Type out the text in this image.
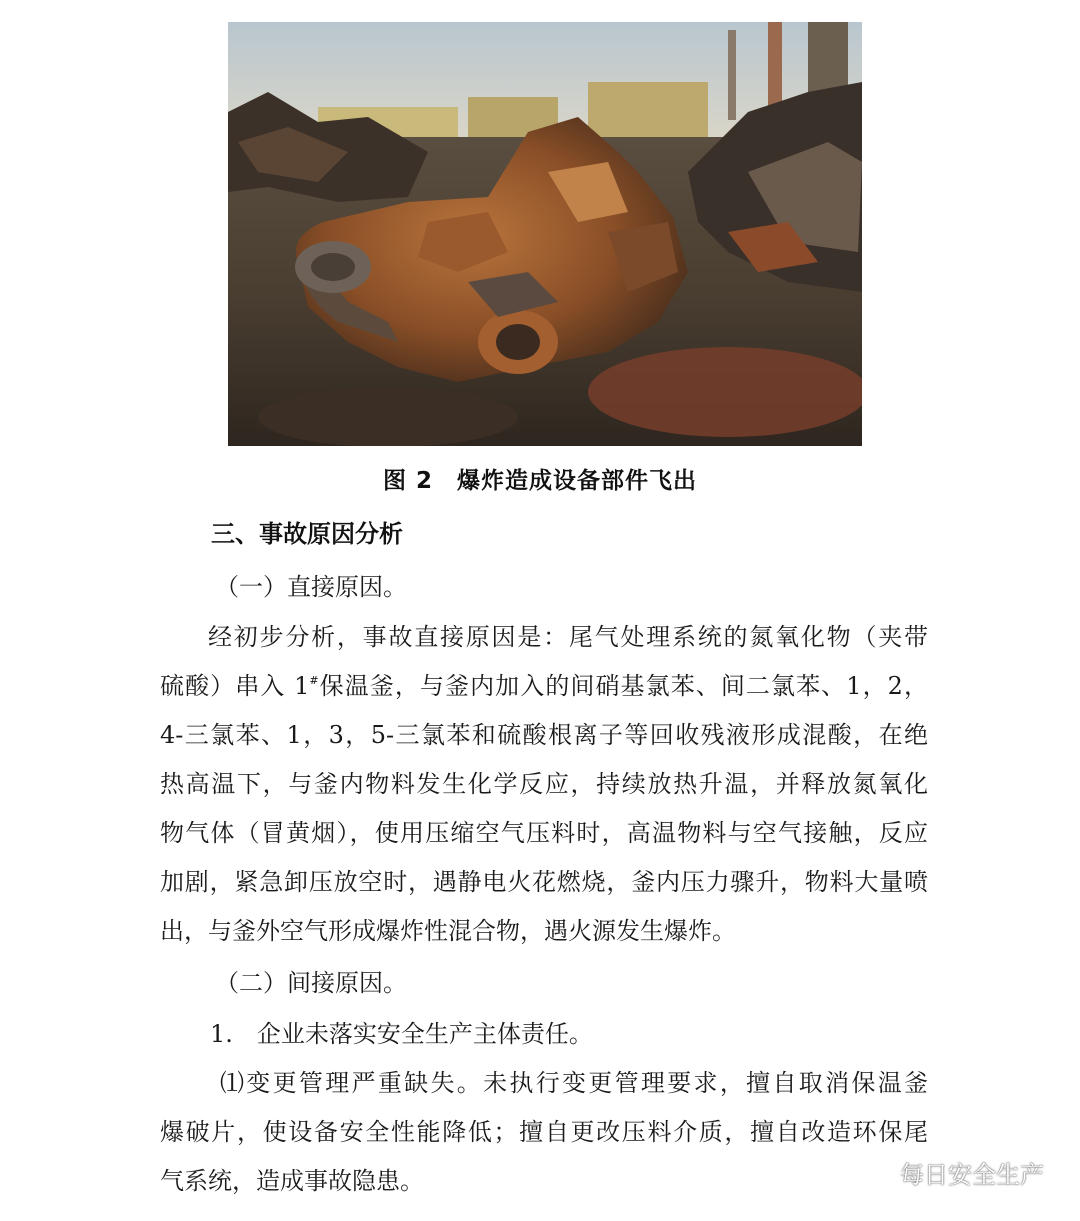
图 2　爆炸造成设备部件飞出
三、事故原因分析
（一）直接原因。
经初步分析，事故直接原因是：尾气处理系统的氮氧化物（夹带
硫酸）串入 1#保温釜，与釜内加入的间硝基氯苯、间二氯苯、1，2，
4-三氯苯、1，3，5-三氯苯和硫酸根离子等回收残液形成混酸，在绝
热高温下，与釜内物料发生化学反应，持续放热升温，并释放氮氧化
物气体（冒黄烟），使用压缩空气压料时，高温物料与空气接触，反应
加剧，紧急卸压放空时，遇静电火花燃烧，釜内压力骤升，物料大量喷
出，与釜外空气形成爆炸性混合物，遇火源发生爆炸。
（二）间接原因。
1.　企业未落实安全生产主体责任。
⑴变更管理严重缺失。未执行变更管理要求，擅自取消保温釜
爆破片，使设备安全性能降低；擅自更改压料介质，擅自改造环保尾
气系统，造成事故隐患。	每日安全生产
